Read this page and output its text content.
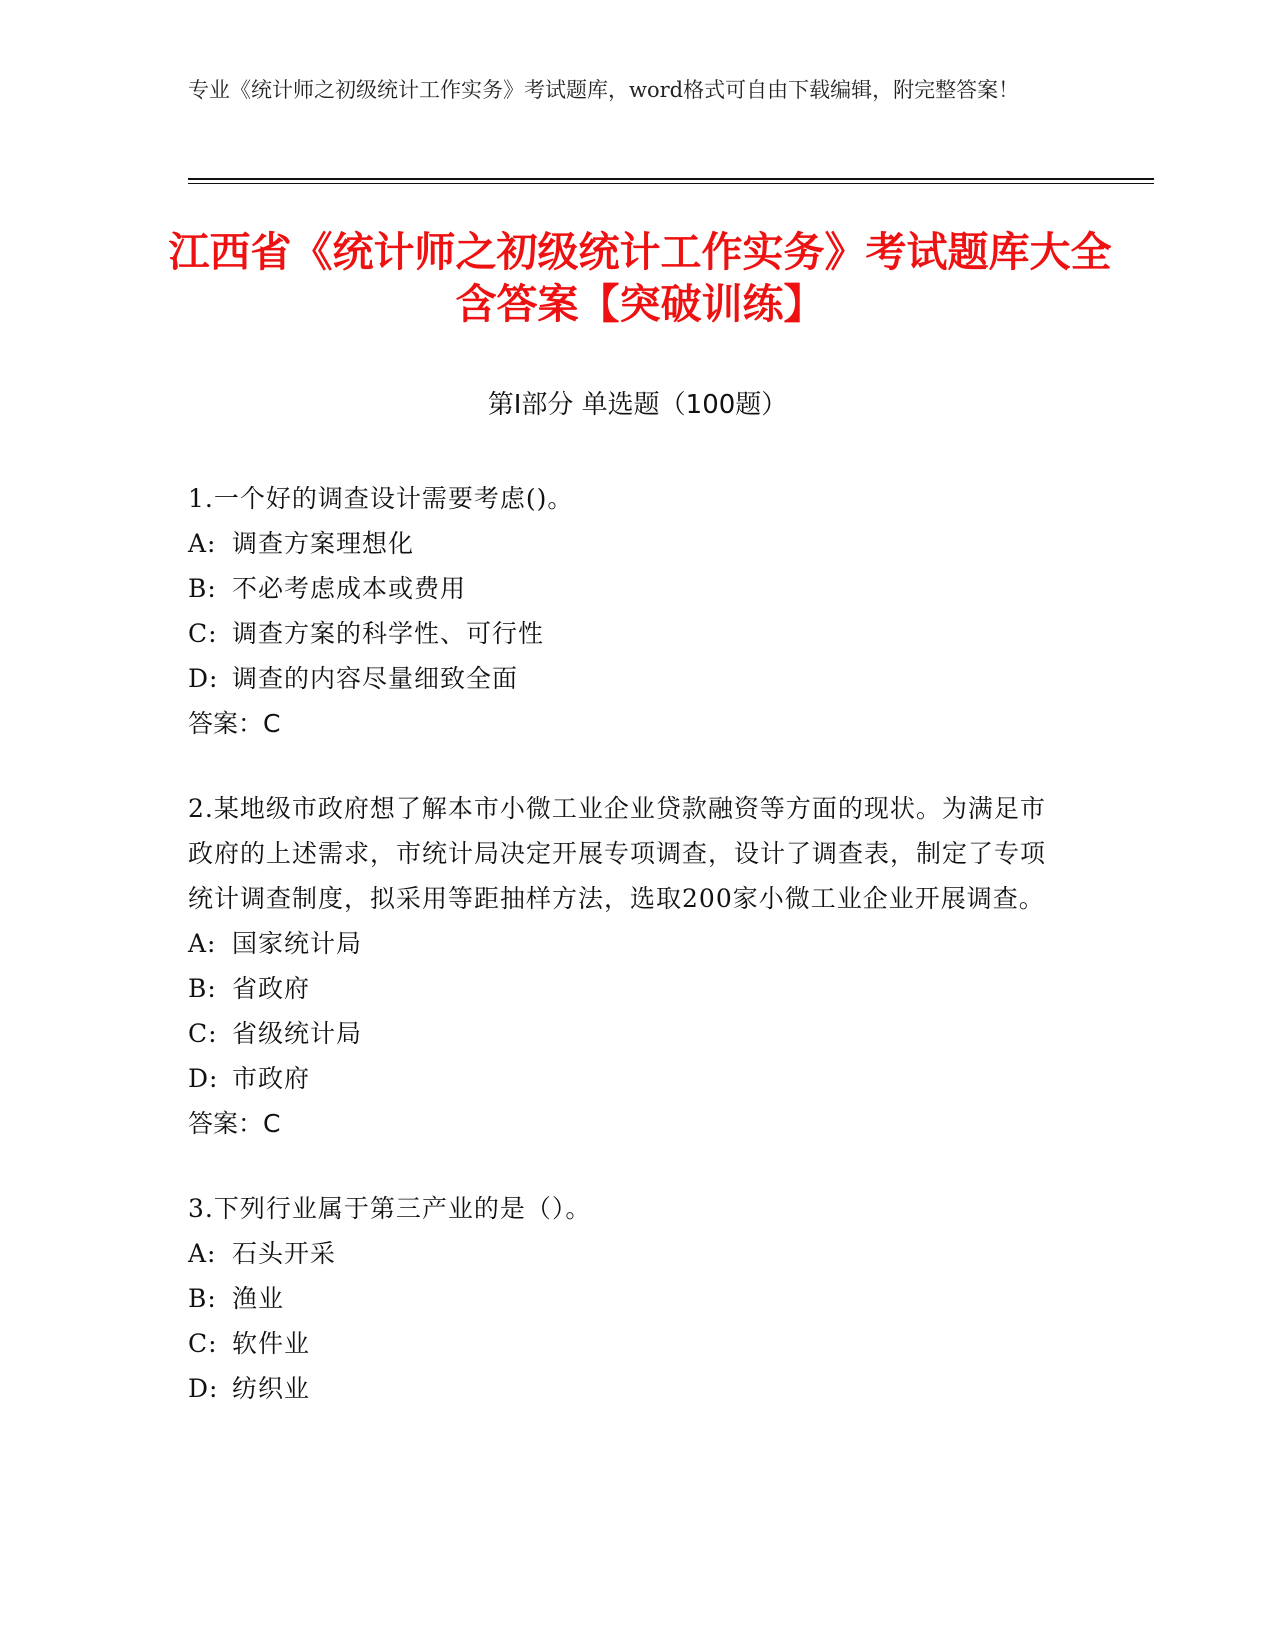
专业《统计师之初级统计工作实务》考试题库，word格式可自由下载编辑，附完整答案！
江西省《统计师之初级统计工作实务》考试题库大全含答案【突破训练】
第Ⅰ部分 单选题（100题）
1.一个好的调查设计需要考虑()。
A: 调查方案理想化
B: 不必考虑成本或费用
C: 调查方案的科学性、可行性
D: 调查的内容尽量细致全面
答案：C
2.某地级市政府想了解本市小微工业企业贷款融资等方面的现状。为满足市政府的上述需求，市统计局决定开展专项调查，设计了调查表，制定了专项统计调查制度，拟采用等距抽样方法，选取200家小微工业企业开展调查。
A: 国家统计局
B: 省政府
C: 省级统计局
D: 市政府
答案：C
3.下列行业属于第三产业的是（）。
A: 石头开采
B: 渔业
C: 软件业
D: 纺织业
